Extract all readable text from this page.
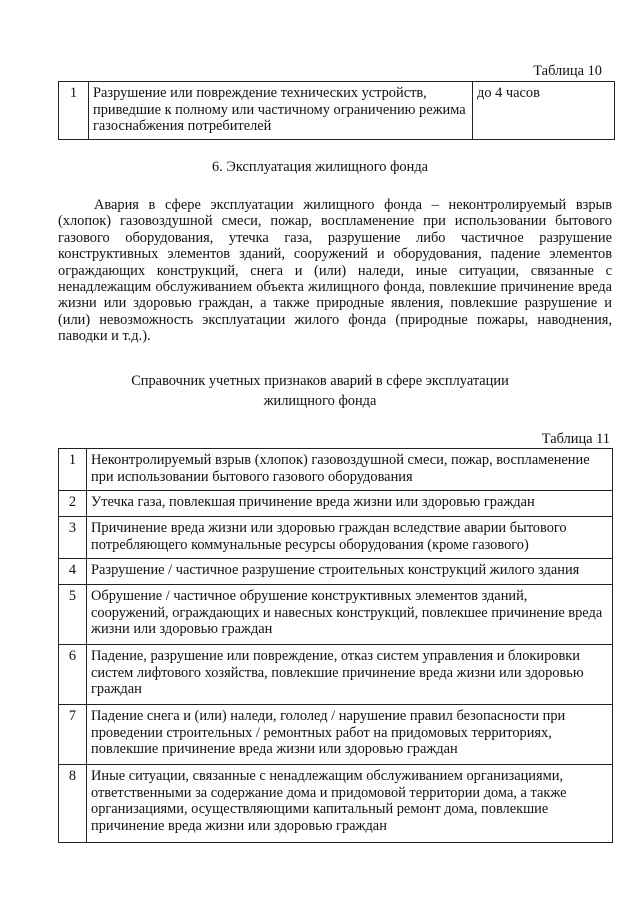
Таблица 10
1	Разрушение или повреждение технических устройств, приведшие к полному или частичному ограничению режима газоснабжения потребителей	до 4 часов
6. Эксплуатация жилищного фонда

Авария в сфере эксплуатации жилищного фонда – неконтролируемый взрыв (хлопок) газовоздушной смеси, пожар, воспламенение при использовании бытового газового оборудования, утечка газа, разрушение либо частичное разрушение конструктивных элементов зданий, сооружений и оборудования, падение элементов ограждающих конструкций, снега и (или) наледи, иные ситуации, связанные с ненадлежащим обслуживанием объекта жилищного фонда, повлекшие причинение вреда жизни или здоровью граждан, а также природные явления, повлекшие разрушение и (или) невозможность эксплуатации жилого фонда (природные пожары, наводнения, паводки и т.д.).

Справочник учетных признаков аварий в сфере эксплуатации
жилищного фонда
Таблица 11
1	Неконтролируемый взрыв (хлопок) газовоздушной смеси, пожар, воспламенение при использовании бытового газового оборудования
2	Утечка газа, повлекшая причинение вреда жизни или здоровью граждан
3	Причинение вреда жизни или здоровью граждан вследствие аварии бытового потребляющего коммунальные ресурсы оборудования (кроме газового)
4	Разрушение / частичное разрушение строительных конструкций жилого здания
5	Обрушение / частичное обрушение конструктивных элементов зданий, сооружений, ограждающих и навесных конструкций, повлекшее причинение вреда жизни или здоровью граждан
6	Падение, разрушение или повреждение, отказ систем управления и блокировки систем лифтового хозяйства, повлекшие причинение вреда жизни или здоровью граждан
7	Падение снега и (или) наледи, гололед / нарушение правил безопасности при проведении строительных / ремонтных работ на придомовых территориях, повлекшие причинение вреда жизни или здоровью граждан
8	Иные ситуации, связанные с ненадлежащим обслуживанием организациями, ответственными за содержание дома и придомовой территории дома, а также организациями, осуществляющими капитальный ремонт дома, повлекшие причинение вреда жизни или здоровью граждан
